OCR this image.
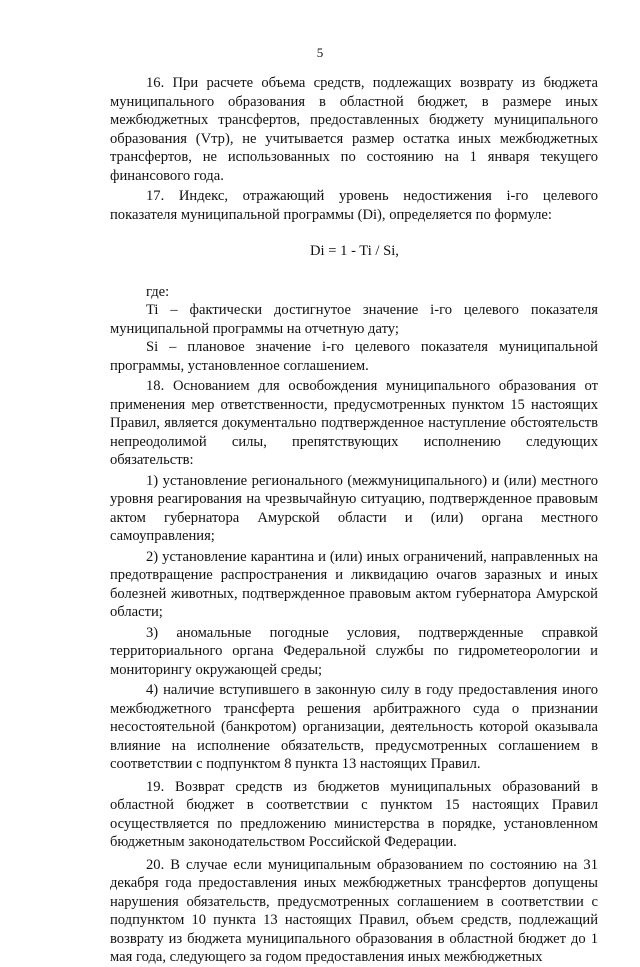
5

16. При расчете объема средств, подлежащих возврату из бюджета муниципального образования в областной бюджет, в размере иных межбюджетных трансфертов, предоставленных бюджету муниципального образования (Vтр), не учитывается размер остатка иных межбюджетных трансфертов, не использованных по состоянию на 1 января текущего финансового года.

17. Индекс, отражающий уровень недостижения i-го целевого показателя муниципальной программы (Di), определяется по формуле:

Di = 1 - Ti / Si,

где:

Ti – фактически достигнутое значение i-го целевого показателя муниципальной программы на отчетную дату;

Si – плановое значение i-го целевого показателя муниципальной программы, установленное соглашением.

18. Основанием для освобождения муниципального образования от применения мер ответственности, предусмотренных пунктом 15 настоящих Правил, является документально подтвержденное наступление обстоятельств непреодолимой силы, препятствующих исполнению следующих обязательств:

1) установление регионального (межмуниципального) и (или) местного уровня реагирования на чрезвычайную ситуацию, подтвержденное правовым актом губернатора Амурской области и (или) органа местного самоуправления;

2) установление карантина и (или) иных ограничений, направленных на предотвращение распространения и ликвидацию очагов заразных и иных болезней животных, подтвержденное правовым актом губернатора Амурской области;

3) аномальные погодные условия, подтвержденные справкой территориального органа Федеральной службы по гидрометеорологии и мониторингу окружающей среды;

4) наличие вступившего в законную силу в году предоставления иного межбюджетного трансферта решения арбитражного суда о признании несостоятельной (банкротом) организации, деятельность которой оказывала влияние на исполнение обязательств, предусмотренных соглашением в соответствии с подпунктом 8 пункта 13 настоящих Правил.

19. Возврат средств из бюджетов муниципальных образований в областной бюджет в соответствии с пунктом 15 настоящих Правил осуществляется по предложению министерства в порядке, установленном бюджетным законодательством Российской Федерации.

20. В случае если муниципальным образованием по состоянию на 31 декабря года предоставления иных межбюджетных трансфертов допущены нарушения обязательств, предусмотренных соглашением в соответствии с подпунктом 10 пункта 13 настоящих Правил, объем средств, подлежащий возврату из бюджета муниципального образования в областной бюджет до 1 мая года, следующего за годом предоставления иных межбюджетных
